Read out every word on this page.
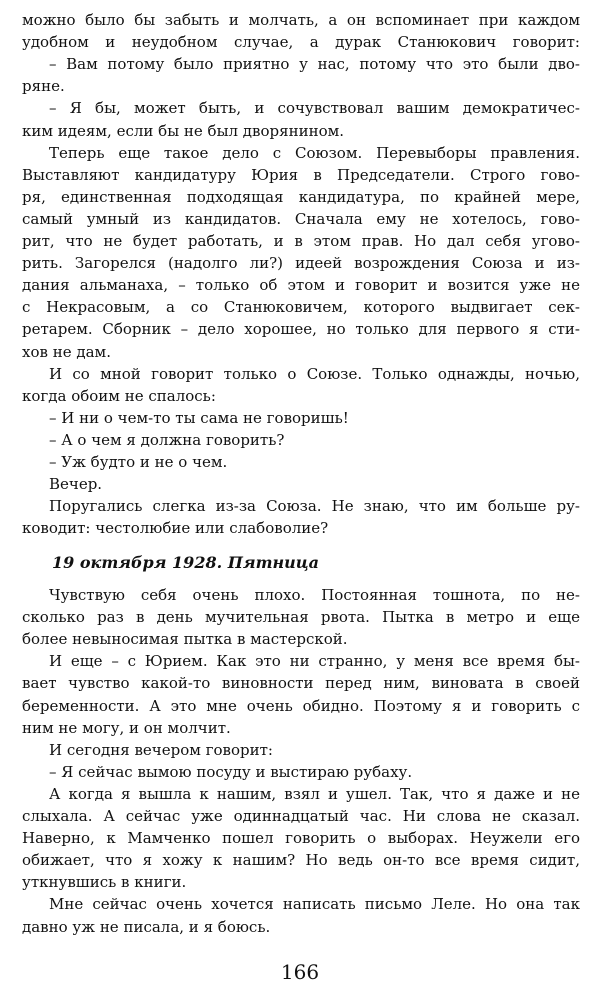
можно было бы забыть и молчать, а он вспоминает при каждом
удобном и неудобном случае, а дурак Станюкович говорит:
– Вам потому было приятно у нас, потому что это были дво-
ряне.
– Я бы, может быть, и сочувствовал вашим демократичес-
ким идеям, если бы не был дворянином.
Теперь еще такое дело с Союзом. Перевыборы правления.
Выставляют кандидатуру Юрия в Председатели. Строго гово-
ря, единственная подходящая кандидатура, по крайней мере,
самый умный из кандидатов. Сначала ему не хотелось, гово-
рит, что не будет работать, и в этом прав. Но дал себя угово-
рить. Загорелся (надолго ли?) идеей возрождения Союза и из-
дания альманаха, – только об этом и говорит и возится уже не
с Некрасовым, а со Станюковичем, которого выдвигает сек-
ретарем. Сборник – дело хорошее, но только для первого я сти-
хов не дам.
И со мной говорит только о Союзе. Только однажды, ночью,
когда обоим не спалось:
– И ни о чем-то ты сама не говоришь!
– А о чем я должна говорить?
– Уж будто и не о чем.
Вечер.
Поругались слегка из-за Союза. Не знаю, что им больше ру-
ководит: честолюбие или слабоволие?
19 октября 1928. Пятница
Чувствую себя очень плохо. Постоянная тошнота, по не-
сколько раз в день мучительная рвота. Пытка в метро и еще
более невыносимая пытка в мастерской.
И еще – с Юрием. Как это ни странно, у меня все время бы-
вает чувство какой-то виновности перед ним, виновата в своей
беременности. А это мне очень обидно. Поэтому я и говорить с
ним не могу, и он молчит.
И сегодня вечером говорит:
– Я сейчас вымою посуду и выстираю рубаху.
А когда я вышла к нашим, взял и ушел. Так, что я даже и не
слыхала. А сейчас уже одиннадцатый час. Ни слова не сказал.
Наверно, к Мамченко пошел говорить о выборах. Неужели его
обижает, что я хожу к нашим? Но ведь он-то все время сидит,
уткнувшись в книги.
Мне сейчас очень хочется написать письмо Леле. Но она так
давно уж не писала, и я боюсь.
166
